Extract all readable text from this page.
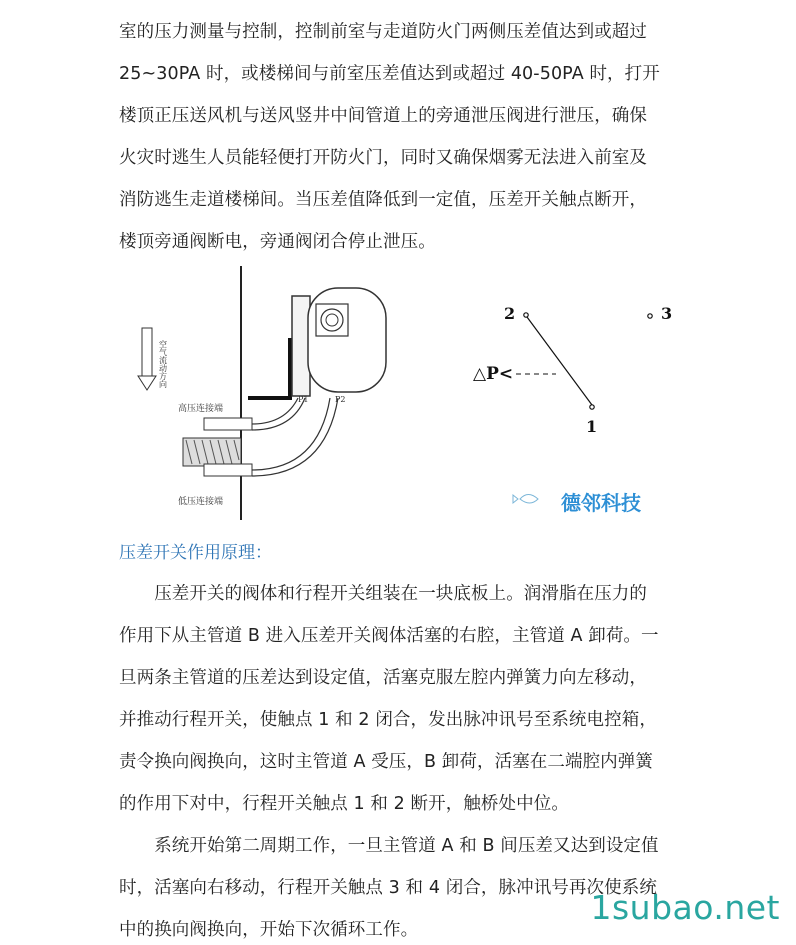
室的压力测量与控制，控制前室与走道防火门两侧压差值达到或超过
25~30PA 时，或楼梯间与前室压差值达到或超过 40-50PA 时，打开
楼顶正压送风机与送风竖井中间管道上的旁通泄压阀进行泄压，确保
火灾时逃生人员能轻便打开防火门，同时又确保烟雾无法进入前室及
消防逃生走道楼梯间。当压差值降低到一定值，压差开关触点断开，
楼顶旁通阀断电，旁通阀闭合停止泄压。
空气流动方向
高压连接端
低压连接端
P1	P2
2	3
1
△P<
德邻科技
压差开关作用原理：
　　压差开关的阀体和行程开关组装在一块底板上。润滑脂在压力的
作用下从主管道 B 进入压差开关阀体活塞的右腔，主管道 A 卸荷。一
旦两条主管道的压差达到设定值，活塞克服左腔内弹簧力向左移动，
并推动行程开关，使触点 1 和 2 闭合，发出脉冲讯号至系统电控箱，
责令换向阀换向，这时主管道 A 受压，B 卸荷，活塞在二端腔内弹簧
的作用下对中，行程开关触点 1 和 2 断开，触桥处中位。
　　系统开始第二周期工作，一旦主管道 A 和 B 间压差又达到设定值
时，活塞向右移动，行程开关触点 3 和 4 闭合，脉冲讯号再次使系统
中的换向阀换向，开始下次循环工作。
1subao.net
